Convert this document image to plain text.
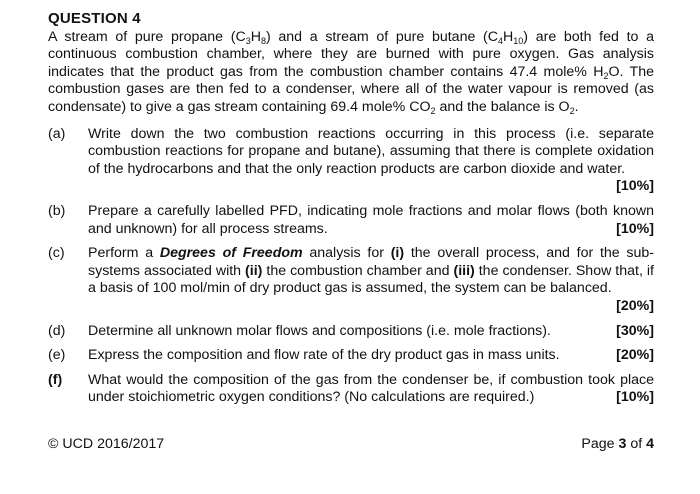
QUESTION 4

A stream of pure propane $(C_3H_8)$ and a stream of pure butane $(C_4H_{10})$ are both fed to a continuous combustion chamber, where they are burned with pure oxygen. Gas analysis indicates that the product gas from the combustion chamber contains 47.4 mole% $H_2O$. The combustion gases are then fed to a condenser, where all of the water vapour is removed (as condensate) to give a gas stream containing 69.4 mole% $CO_2$ and the balance is $O_2$.

(a)	Write down the two combustion reactions occurring in this process (i.e. separate combustion reactions for propane and butane), assuming that there is complete oxidation of the hydrocarbons and that the only reaction products are carbon dioxide and water.
[10%]
(b)	Prepare a carefully labelled PFD, indicating mole fractions and molar flows (both known and unknown) for all process streams.	[10%]
(c)	Perform a Degrees of Freedom analysis for (i) the overall process, and for the sub-systems associated with (ii) the combustion chamber and (iii) the condenser. Show that, if a basis of 100 mol/min of dry product gas is assumed, the system can be balanced.
[20%]
(d)	Determine all unknown molar flows and compositions (i.e. mole fractions).	[30%]
(e)	Express the composition and flow rate of the dry product gas in mass units.	[20%]
(f)	What would the composition of the gas from the condenser be, if combustion took place under stoichiometric oxygen conditions? (No calculations are required.)	[10%]
© UCD 2016/2017	Page 3 of 4
